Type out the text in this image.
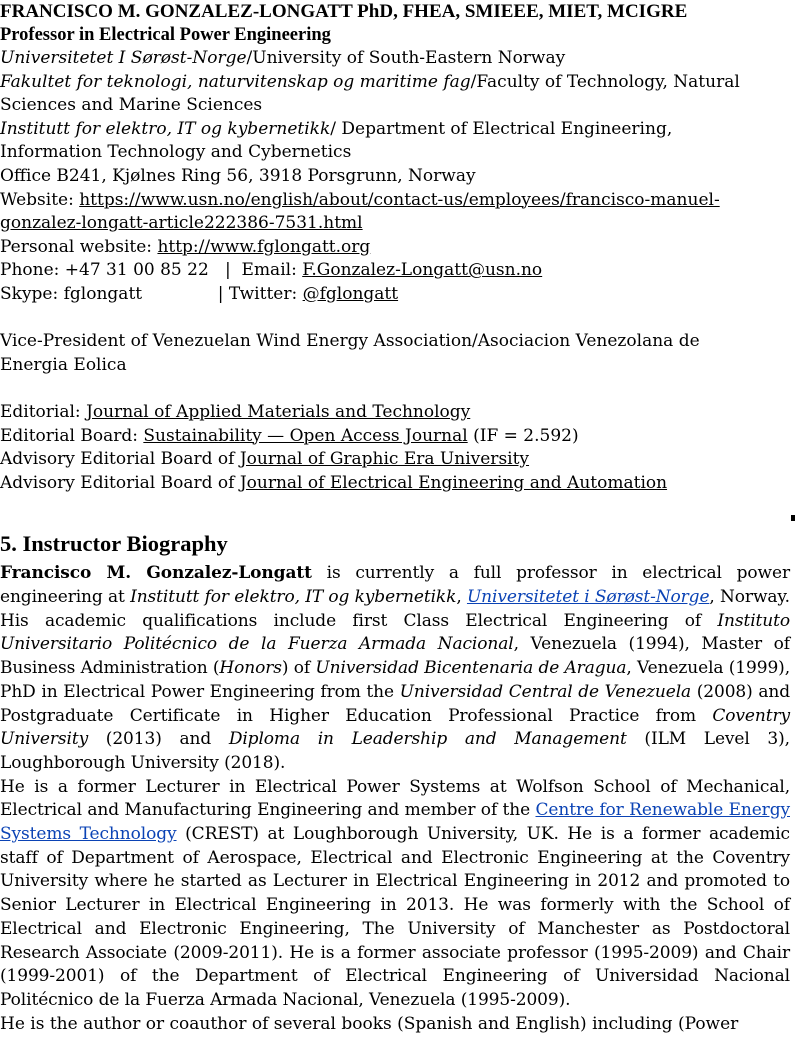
FRANCISCO M. GONZALEZ-LONGATT PhD, FHEA, SMIEEE, MIET, MCIGRE
Professor in Electrical Power Engineering
Universitetet I Sørøst-Norge/University of South-Eastern Norway
Fakultet for teknologi, naturvitenskap og maritime fag/Faculty of Technology, Natural
Sciences and Marine Sciences
Institutt for elektro, IT og kybernetikk/ Department of Electrical Engineering,
Information Technology and Cybernetics
Office B241, Kjølnes Ring 56, 3918 Porsgrunn, Norway
Website: https://www.usn.no/english/about/contact-us/employees/francisco-manuel-
gonzalez-longatt-article222386-7531.html
Personal website: http://www.fglongatt.org
Phone: +47 31 00 85 22   |  Email: F.Gonzalez-Longatt@usn.no
Skype: fglongatt              | Twitter: @fglongatt
Vice-President of Venezuelan Wind Energy Association/Asociacion Venezolana de
Energia Eolica
Editorial: Journal of Applied Materials and Technology
Editorial Board: Sustainability — Open Access Journal (IF = 2.592)
Advisory Editorial Board of Journal of Graphic Era University
Advisory Editorial Board of Journal of Electrical Engineering and Automation
5. Instructor Biography

Francisco M. Gonzalez-Longatt is currently a full professor in electrical power engineering at Institutt for elektro, IT og kybernetikk, Universitetet i Sørøst-Norge, Norway. His academic qualifications include first Class Electrical Engineering of Instituto Universitario Politécnico de la Fuerza Armada Nacional, Venezuela (1994), Master of Business Administration (Honors) of Universidad Bicentenaria de Aragua, Venezuela (1999), PhD in Electrical Power Engineering from the Universidad Central de Venezuela (2008) and Postgraduate Certificate in Higher Education Professional Practice from Coventry University (2013) and Diploma in Leadership and Management (ILM Level 3), Loughborough University (2018).

He is a former Lecturer in Electrical Power Systems at Wolfson School of Mechanical, Electrical and Manufacturing Engineering and member of the Centre for Renewable Energy Systems Technology (CREST) at Loughborough University, UK. He is a former academic staff of Department of Aerospace, Electrical and Electronic Engineering at the Coventry University where he started as Lecturer in Electrical Engineering in 2012 and promoted to Senior Lecturer in Electrical Engineering in 2013. He was formerly with the School of Electrical and Electronic Engineering, The University of Manchester as Postdoctoral Research Associate (2009-2011). He is a former associate professor (1995-2009) and Chair (1999-2001) of the Department of Electrical Engineering of Universidad Nacional Politécnico de la Fuerza Armada Nacional, Venezuela (1995-2009).

He is the author or coauthor of several books (Spanish and English) including (Power
